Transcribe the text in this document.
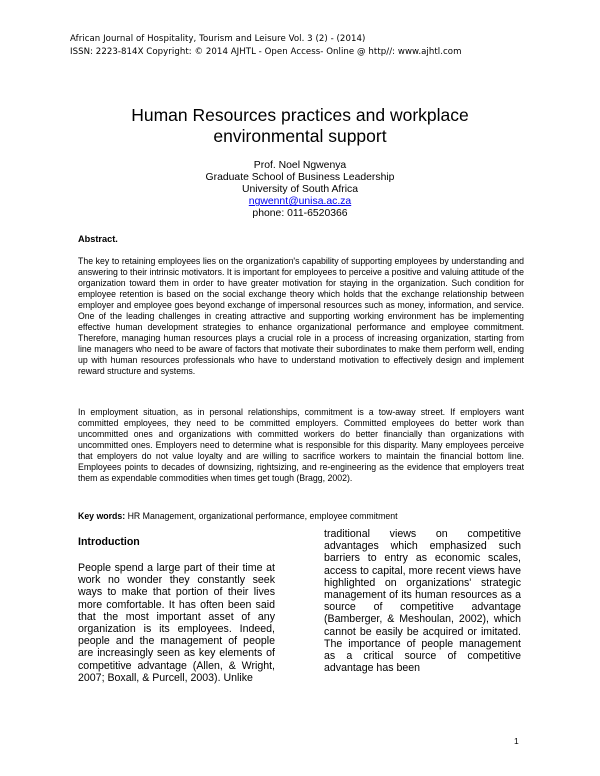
African Journal of Hospitality, Tourism and Leisure Vol. 3 (2) - (2014)
ISSN: 2223-814X Copyright: © 2014 AJHTL - Open Access- Online @ http//: www.ajhtl.com
Human Resources practices and workplace
environmental support
Prof. Noel Ngwenya
Graduate School of Business Leadership
University of South Africa
ngwennt@unisa.ac.za
phone: 011-6520366
Abstract.
The key to retaining employees lies on the organization's capability of supporting employees by understanding and answering to their intrinsic motivators. It is important for employees to perceive a positive and valuing attitude of the organization toward them in order to have greater motivation for staying in the organization. Such condition for employee retention is based on the social exchange theory which holds that the exchange relationship between employer and employee goes beyond exchange of impersonal resources such as money, information, and service. One of the leading challenges in creating attractive and supporting working environment has be implementing effective human development strategies to enhance organizational performance and employee commitment. Therefore, managing human resources plays a crucial role in a process of increasing organization, starting from line managers who need to be aware of factors that motivate their subordinates to make them perform well, ending up with human resources professionals who have to understand motivation to effectively design and implement reward structure and systems.
In employment situation, as in personal relationships, commitment is a tow-away street. If employers want committed employees, they need to be committed employers. Committed employees do better work than uncommitted ones and organizations with committed workers do better financially than organizations with uncommitted ones. Employers need to determine what is responsible for this disparity. Many employees perceive that employers do not value loyalty and are willing to sacrifice workers to maintain the financial bottom line. Employees points to decades of downsizing, rightsizing, and re-engineering as the evidence that employers treat them as expendable commodities when times get tough (Bragg, 2002).
Key words: HR Management, organizational performance, employee commitment
Introduction
People spend a large part of their time at work no wonder they constantly seek ways to make that portion of their lives more comfortable. It has often been said that the most important asset of any organization is its employees. Indeed, people and the management of people are increasingly seen as key elements of competitive advantage (Allen, & Wright, 2007; Boxall, & Purcell, 2003). Unlike
traditional views on competitive advantages which emphasized such barriers to entry as economic scales, access to capital, more recent views have highlighted on organizations' strategic management of its human resources as a source of competitive advantage (Bamberger, & Meshoulan, 2002), which cannot be easily be acquired or imitated. The importance of people management as a critical source of competitive advantage has been
1
